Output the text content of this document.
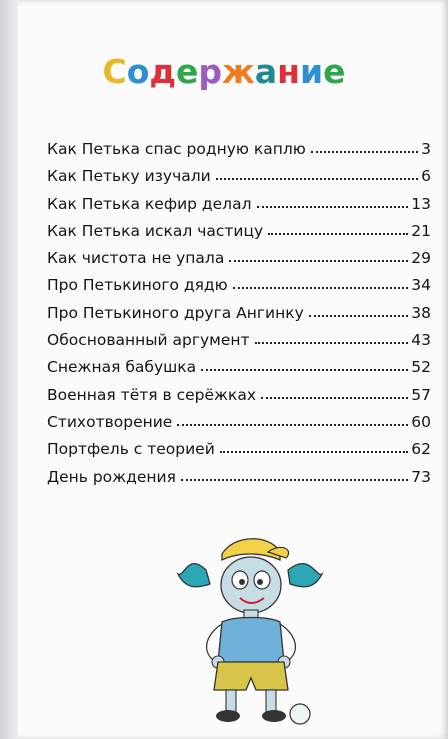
Содержание
Как Петька спас родную каплю	3
Как Петьку изучали	6
Как Петька кефир делал	13
Как Петька искал частицу	21
Как чистота не упала	29
Про Петькиного дядю	34
Про Петькиного друга Ангинку	38
Обоснованный аргумент	43
Снежная бабушка	52
Военная тётя в серёжках	57
Стихотворение	60
Портфель с теорией	62
День рождения	73
